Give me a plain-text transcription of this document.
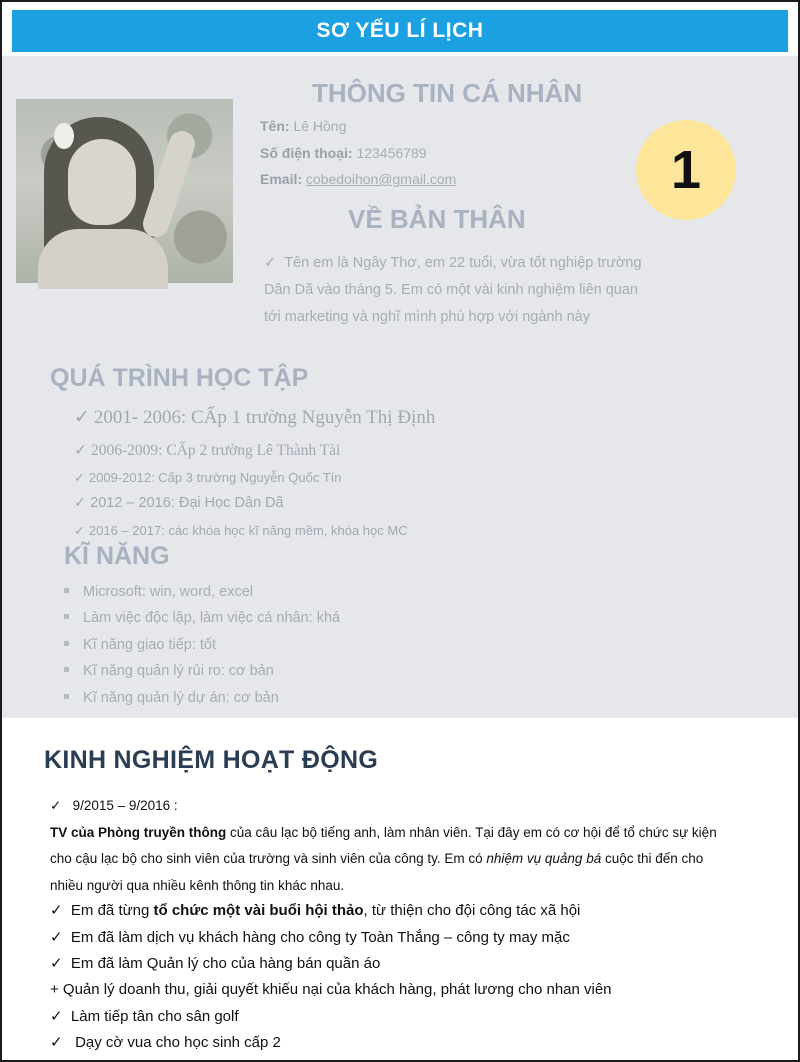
SƠ YẾU LÍ LỊCH
THÔNG TIN CÁ NHÂN
Tên: Lê Hồng
Số điện thoại: 123456789
Email: cobedoihon@gmail.com	1
VỀ BẢN THÂN
✓ Tên em là Ngây Thơ, em 22 tuổi, vừa tốt nghiệp trường
Dân Dã vào tháng 5. Em có một vài kinh nghiệm liên quan
tới marketing và nghĩ mình phù hợp với ngành này
QUÁ TRÌNH HỌC TẬP
✓ 2001- 2006: CẤp 1 trường Nguyễn Thị Định
✓ 2006-2009: CẤp 2 trường Lê Thành Tài
✓ 2009-2012: Cấp 3 trường Nguyễn Quốc Tín
✓ 2012 – 2016: Đại Học Dân Dã
✓ 2016 – 2017: các khóa học kĩ năng mềm, khóa học MC
KĨ NĂNG
Microsoft: win, word, excel
Làm việc độc lập, làm việc cá nhân: khá
Kĩ năng giao tiếp: tốt
Kĩ năng quản lý rủi ro: cơ bản
Kĩ năng quản lý dự án: cơ bản
KINH NGHIỆM HOẠT ĐỘNG
✓ 9/2015 – 9/2016 :
TV của Phòng truyền thông của câu lạc bộ tiếng anh, làm nhân viên. Tại đây em có cơ hội để tổ chức sự kiện
cho cậu lạc bộ cho sinh viên của trường và sinh viên của công ty. Em có nhiệm vụ quảng bá cuộc thi đến cho
nhiều người qua nhiều kênh thông tin khác nhau.
✓ Em đã từng tổ chức một vài buổi hội thảo, từ thiện cho đội công tác xã hội
✓ Em đã làm dịch vụ khách hàng cho công ty Toàn Thắng – công ty may mặc
✓ Em đã làm Quản lý cho của hàng bán quần áo
+ Quản lý doanh thu, giải quyết khiếu nại của khách hàng, phát lương cho nhan viên
✓ Làm tiếp tân cho sân golf
✓   Dạy cờ vua cho học sinh cấp 2
